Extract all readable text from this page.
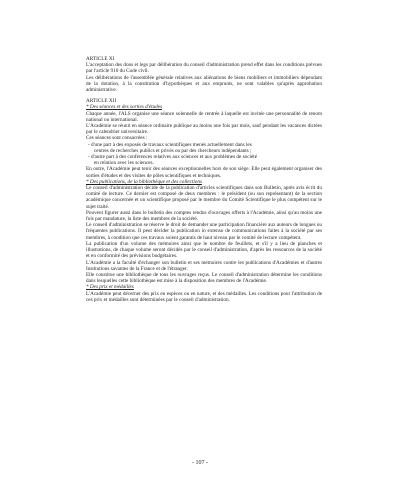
ARTICLE XI

L'acceptation des dons et legs par délibération du conseil d'administration prend effet dans les conditions prévues par l'article 910 du Code civil.

Les délibérations de l'assemblée générale relatives aux aliénations de biens mobiliers et immobiliers dépendant de la dotation, à la constitution d'hypothèques et aux emprunts, ne sont valables qu'après approbation administrative.

ARTICLE XII

* Des séances et des sorties d'études

Chaque année, l'ALS organise une séance solennelle de rentrée à laquelle est invitée une personnalité de renom national ou international.

L'Académie se réunit en séance ordinaire publique au moins une fois par mois, sauf pendant les vacances dictées par le calendrier universitaire.

Ces séances sont consacrées :

- d'une part à des exposés de travaux scientifiques menés actuellement dans les

centres de recherches publics et privés ou par des chercheurs indépendants ;

- d'autre part à des conférences relatives aux sciences et aux problèmes de société

en relation avec les sciences.

En outre, l'Académie peut tenir des séances exceptionnelles hors de son siège. Elle peut également organiser des sorties d'études et des visites de pôles scientifiques et techniques.

* Des publications, de la bibliothèque et des collections

Le conseil d'administration décide de la publication d'articles scientifiques dans son Bulletin, après avis écrit du comité de lecture. Ce dernier est composé de deux membres : le président (ou son représentant) de la section académique concernée et un scientifique proposé par le membre du Comité Scientifique le plus compétent sur le sujet traité.

Pouvent figurer aussi dans le bulletin des comptes rendus d'ouvrages offerts à l'Académie, ainsi qu'au moins une fois par mandature, la liste des membres de la société.

Le conseil d'administration se réserve le droit de demander une participation financière aux auteurs de longues ou fréquentes publications. Il peut décider la publication in extenso de communications faites à la société par ses membres, à condition que ces travaux soient garantis de haut niveau par le comité de lecture compétent.

La publication d'un volume des mémoires ainsi que le nombre de feuillets, et s'il y a lieu de planches et illustrations, de chaque volume seront décidés par le conseil d'administration, d'après les ressources de la société et en conformité des prévisions budgétaires.

L'Académie a la faculté d'échanger son bulletin et ses mémoires contre les publications d'Académies et d'autres Institutions savantes de la France et de l'étranger.

Elle constitue une bibliothèque de tous les ouvrages reçus. Le conseil d'administration détermine les conditions dans lesquelles cette bibliothèque est mise à la disposition des membres de l'Académie.

* Des prix et médailles

L'Académie peut décerner des prix en espèces ou en nature, et des médailles. Les conditions pour l'attribution de ces prix et médailles sont déterminées par le conseil d'administration.

- 107 -
